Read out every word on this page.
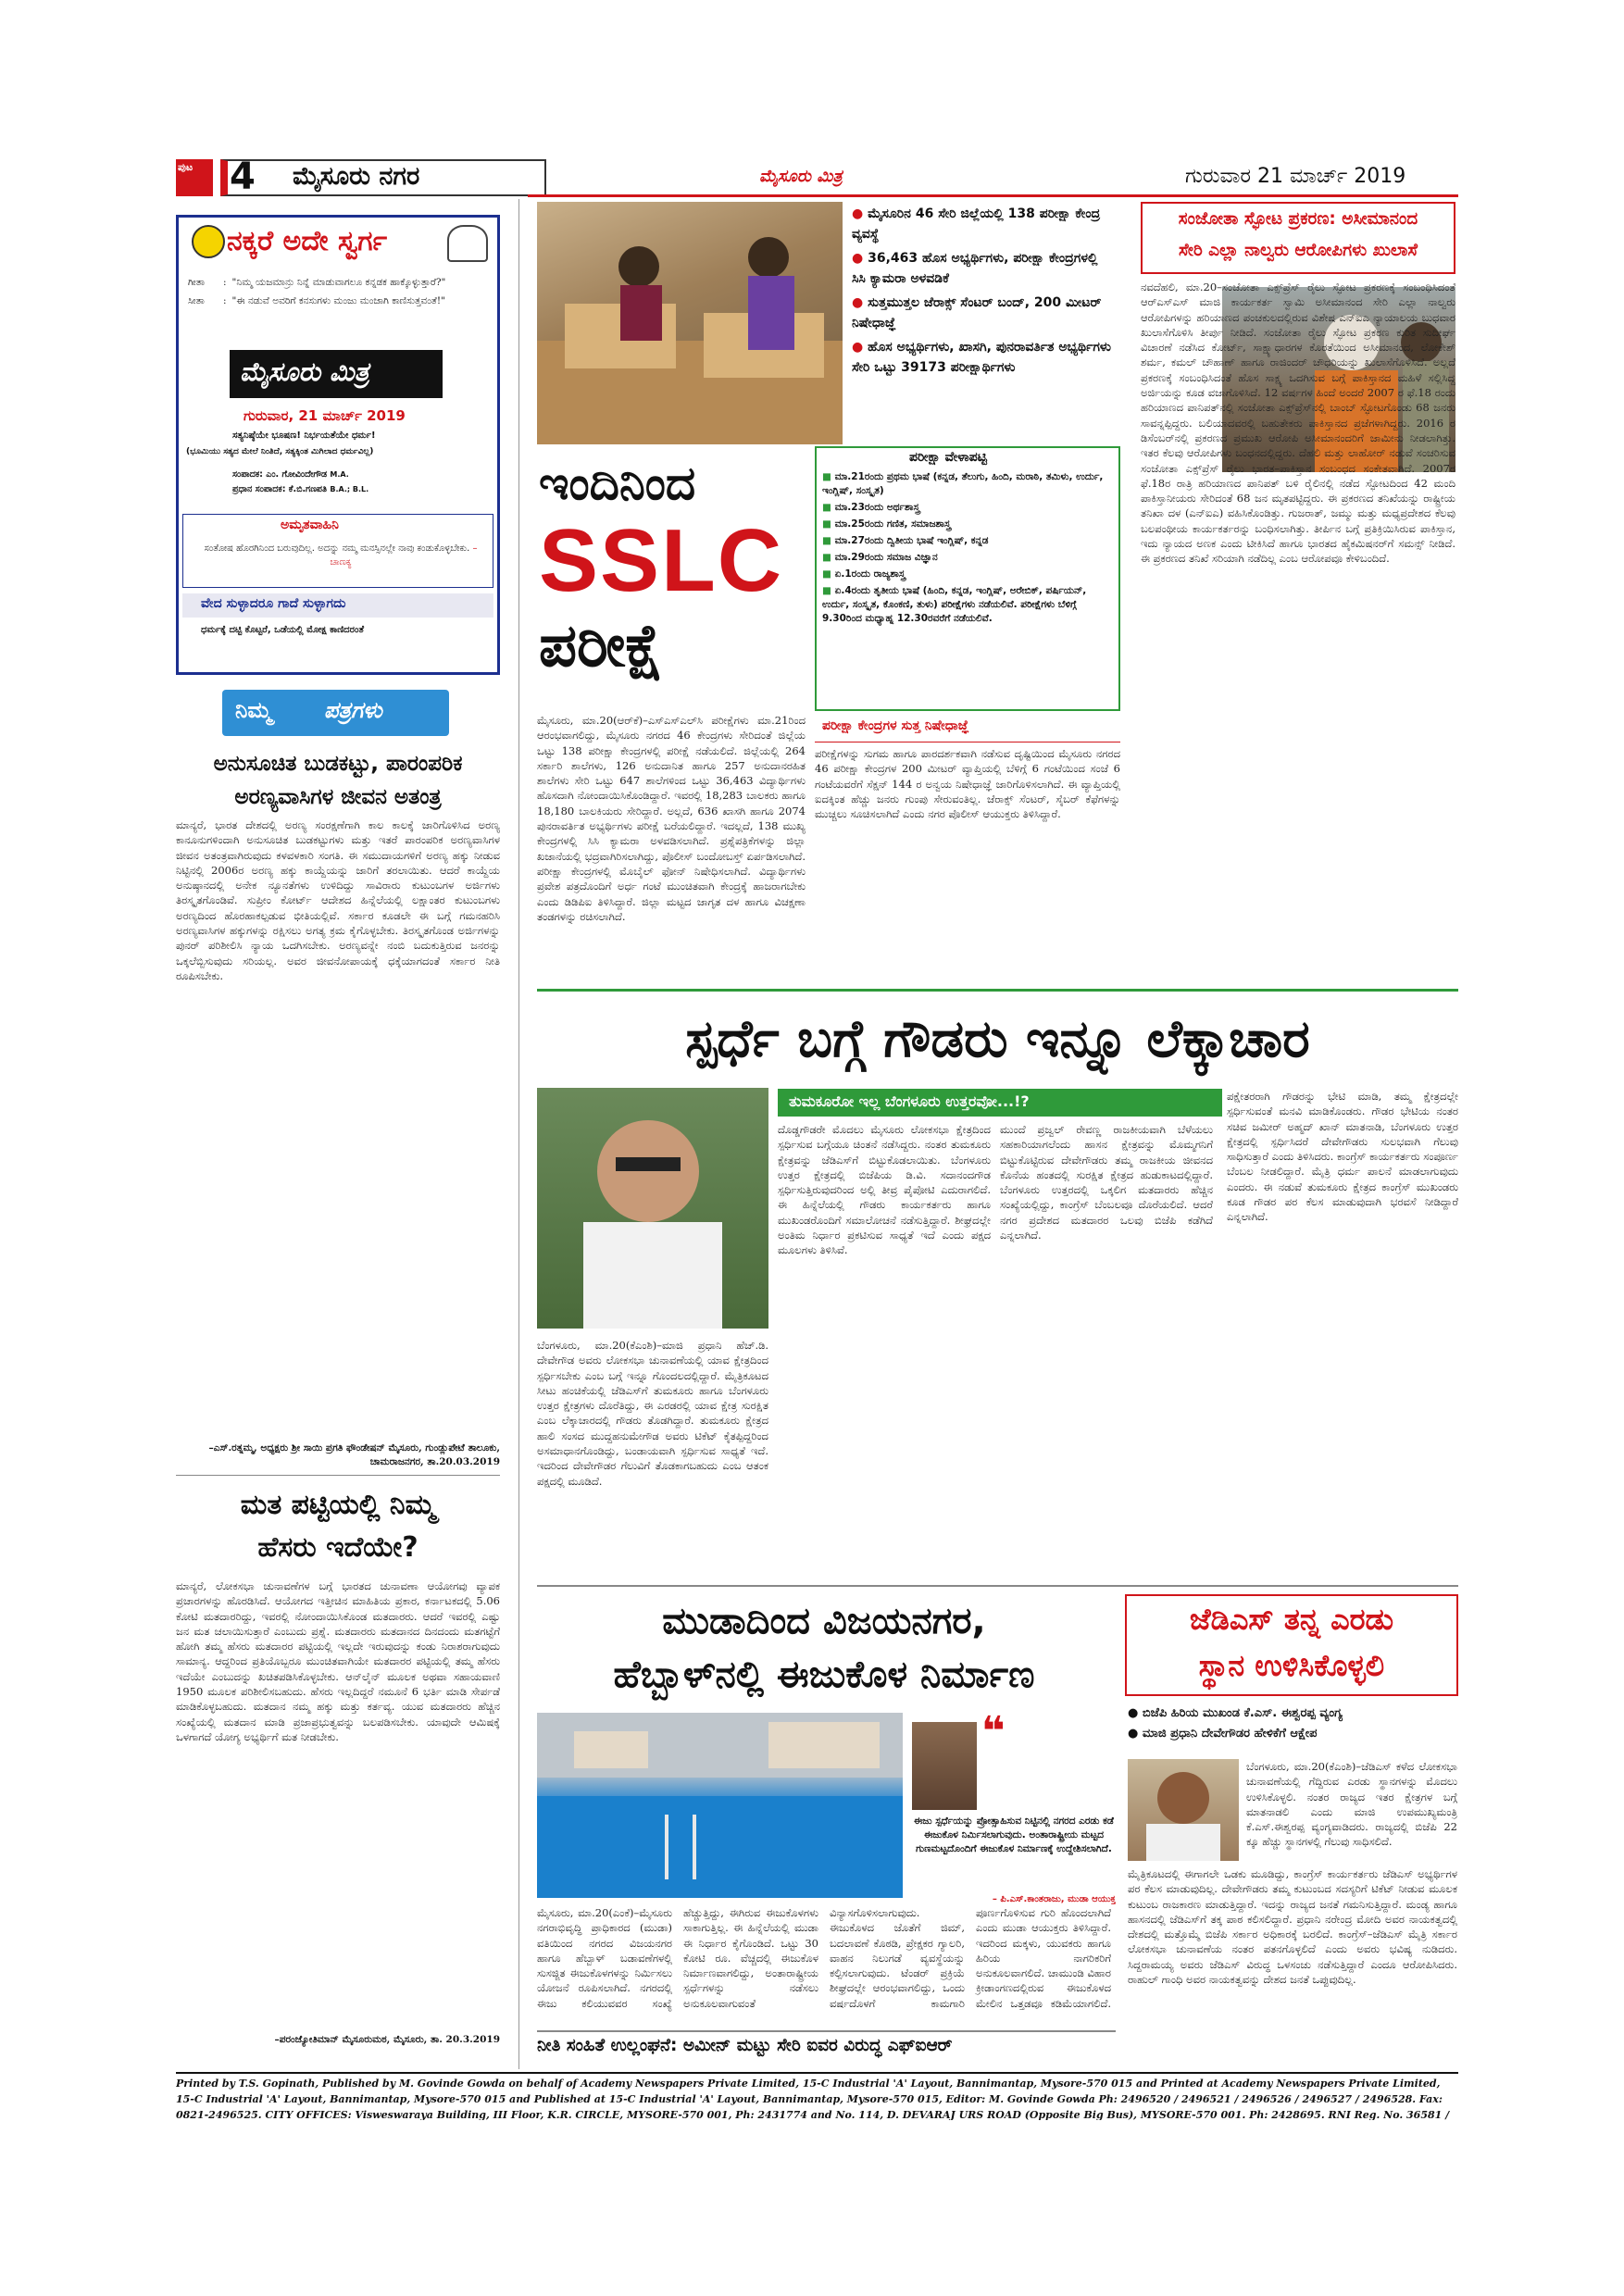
ಪುಟ 4 ಮೈಸೂರು ನಗರ	ಮೈಸೂರು ಮಿತ್ರ	ಗುರುವಾರ 21 ಮಾರ್ಚ್ 2019
ನಕ್ಕರೆ ಅದೇ ಸ್ವರ್ಗ
ಗೀತಾ	: "ನಿಮ್ಮ ಯಜಮಾನ್ರು ನಿನ್ನೆ ಮಾಡುವಾಗಲೂ ಕನ್ನಡಕ ಹಾಕ್ಕೊಳ್ಳುತ್ತಾರೆ?"
ಸೀತಾ	: "ಈ ನಡುವೆ ಅವರಿಗೆ ಕನಸುಗಳು ಮಂಜು ಮಂಜಾಗಿ ಕಾಣಿಸುತ್ತವಂತೆ!"
ಮೈಸೂರು ಮಿತ್ರ
ಗುರುವಾರ, 21 ಮಾರ್ಚ್ 2019
ಸತ್ಯನಿಷ್ಠೆಯೇ ಭೂಷಣ! ನಿರ್ಭಯತೆಯೇ ಧರ್ಮ!
(ಭೂಮಿಯು ಸತ್ಯದ ಮೇಲೆ ನಿಂತಿದೆ, ಸತ್ಯಕ್ಕಿಂತ ಮಿಗಿಲಾದ ಧರ್ಮವಿಲ್ಲ)
ಸಂಪಾದಕ: ಎಂ. ಗೋವಿಂದೇಗೌಡ M.A.
ಪ್ರಧಾನ ಸಂಪಾದಕ: ಕೆ.ಬಿ.ಗಣಪತಿ B.A.; B.L.
ಅಮೃತವಾಹಿನಿ
ಸಂತೋಷ ಹೊರಗಿನಿಂದ ಬರುವುದಿಲ್ಲ. ಅದನ್ನು ನಮ್ಮ ಮನಸ್ಸಿನಲ್ಲೇ ನಾವು ಕಂಡುಕೊಳ್ಳಬೇಕು. –ಚಾಣಕ್ಯ
ವೇದ ಸುಳ್ಳಾದರೂ ಗಾದೆ ಸುಳ್ಳಾಗದು
ಧರ್ಮಕ್ಕೆ ದಟ್ಟಿ ಕೊಟ್ಟರೆ, ಒಡೆಯಲ್ಲಿ ಮೋಕ್ಷ ಕಾಣಿದರಂತೆ
ನಿಮ್ಮ ಪತ್ರಗಳು
ಅನುಸೂಚಿತ ಬುಡಕಟ್ಟು, ಪಾರಂಪರಿಕ
ಅರಣ್ಯವಾಸಿಗಳ ಜೀವನ ಅತಂತ್ರ
ಮಾನ್ಯರೆ, ಭಾರತ ದೇಶದಲ್ಲಿ ಅರಣ್ಯ ಸಂರಕ್ಷಣೆಗಾಗಿ ಕಾಲ ಕಾಲಕ್ಕೆ ಜಾರಿಗೊಳಿಸಿದ ಅರಣ್ಯ ಕಾನೂನುಗಳಿಂದಾಗಿ ಅನುಸೂಚಿತ ಬುಡಕಟ್ಟುಗಳು ಮತ್ತು ಇತರೆ ಪಾರಂಪರಿಕ ಅರಣ್ಯವಾಸಿಗಳ ಜೀವನ ಅತಂತ್ರವಾಗಿರುವುದು ಕಳವಳಕಾರಿ ಸಂಗತಿ. ಈ ಸಮುದಾಯಗಳಿಗೆ ಅರಣ್ಯ ಹಕ್ಕು ನೀಡುವ ನಿಟ್ಟಿನಲ್ಲಿ 2006ರ ಅರಣ್ಯ ಹಕ್ಕು ಕಾಯ್ದೆಯನ್ನು ಜಾರಿಗೆ ತರಲಾಯಿತು. ಆದರೆ ಕಾಯ್ದೆಯ ಅನುಷ್ಠಾನದಲ್ಲಿ ಅನೇಕ ನ್ಯೂನತೆಗಳು ಉಳಿದಿದ್ದು ಸಾವಿರಾರು ಕುಟುಂಬಗಳ ಅರ್ಜಿಗಳು ತಿರಸ್ಕೃತಗೊಂಡಿವೆ. ಸುಪ್ರೀಂ ಕೋರ್ಟ್ ಆದೇಶದ ಹಿನ್ನೆಲೆಯಲ್ಲಿ ಲಕ್ಷಾಂತರ ಕುಟುಂಬಗಳು ಅರಣ್ಯದಿಂದ ಹೊರಹಾಕಲ್ಪಡುವ ಭೀತಿಯಲ್ಲಿವೆ. ಸರ್ಕಾರ ಕೂಡಲೇ ಈ ಬಗ್ಗೆ ಗಮನಹರಿಸಿ ಅರಣ್ಯವಾಸಿಗಳ ಹಕ್ಕುಗಳನ್ನು ರಕ್ಷಿಸಲು ಅಗತ್ಯ ಕ್ರಮ ಕೈಗೊಳ್ಳಬೇಕು. ತಿರಸ್ಕೃತಗೊಂಡ ಅರ್ಜಿಗಳನ್ನು ಪುನರ್ ಪರಿಶೀಲಿಸಿ ನ್ಯಾಯ ಒದಗಿಸಬೇಕು. ಅರಣ್ಯವನ್ನೇ ನಂಬಿ ಬದುಕುತ್ತಿರುವ ಜನರನ್ನು ಒಕ್ಕಲೆಬ್ಬಿಸುವುದು ಸರಿಯಲ್ಲ. ಅವರ ಜೀವನೋಪಾಯಕ್ಕೆ ಧಕ್ಕೆಯಾಗದಂತೆ ಸರ್ಕಾರ ನೀತಿ ರೂಪಿಸಬೇಕು.
–ಎಸ್.ರತ್ನಮ್ಮ, ಅಧ್ಯಕ್ಷರು ಶ್ರೀ ಸಾಯಿ ಪ್ರಗತಿ ಫೌಂಡೇಷನ್ ಮೈಸೂರು, ಗುಂಡ್ಲುಪೇಟೆ ತಾಲೂಕು, ಚಾಮರಾಜನಗರ, ತಾ.20.03.2019
ಮತ ಪಟ್ಟಿಯಲ್ಲಿ ನಿಮ್ಮ
ಹೆಸರು ಇದೆಯೇ?
ಮಾನ್ಯರೆ, ಲೋಕಸಭಾ ಚುನಾವಣೆಗಳ ಬಗ್ಗೆ ಭಾರತದ ಚುನಾವಣಾ ಆಯೋಗವು ವ್ಯಾಪಕ ಪ್ರಚಾರಗಳನ್ನು ಹೊರಡಿಸಿದೆ. ಆಯೋಗದ ಇತ್ತೀಚಿನ ಮಾಹಿತಿಯ ಪ್ರಕಾರ, ಕರ್ನಾಟಕದಲ್ಲಿ 5.06 ಕೋಟಿ ಮತದಾರರಿದ್ದು, ಇವರಲ್ಲಿ ನೋಂದಾಯಿಸಿಕೊಂಡ ಮತದಾರರು. ಆದರೆ ಇವರಲ್ಲಿ ಎಷ್ಟು ಜನ ಮತ ಚಲಾಯಿಸುತ್ತಾರೆ ಎಂಬುದು ಪ್ರಶ್ನೆ. ಮತದಾರರು ಮತದಾನದ ದಿನದಂದು ಮತಗಟ್ಟೆಗೆ ಹೋಗಿ ತಮ್ಮ ಹೆಸರು ಮತದಾರರ ಪಟ್ಟಿಯಲ್ಲಿ ಇಲ್ಲದೇ ಇರುವುದನ್ನು ಕಂಡು ನಿರಾಶರಾಗುವುದು ಸಾಮಾನ್ಯ. ಆದ್ದರಿಂದ ಪ್ರತಿಯೊಬ್ಬರೂ ಮುಂಚಿತವಾಗಿಯೇ ಮತದಾರರ ಪಟ್ಟಿಯಲ್ಲಿ ತಮ್ಮ ಹೆಸರು ಇದೆಯೇ ಎಂಬುದನ್ನು ಖಚಿತಪಡಿಸಿಕೊಳ್ಳಬೇಕು. ಆನ್‌ಲೈನ್ ಮೂಲಕ ಅಥವಾ ಸಹಾಯವಾಣಿ 1950 ಮೂಲಕ ಪರಿಶೀಲಿಸಬಹುದು. ಹೆಸರು ಇಲ್ಲದಿದ್ದರೆ ನಮೂನೆ 6 ಭರ್ತಿ ಮಾಡಿ ಸೇರ್ಪಡೆ ಮಾಡಿಕೊಳ್ಳಬಹುದು. ಮತದಾನ ನಮ್ಮ ಹಕ್ಕು ಮತ್ತು ಕರ್ತವ್ಯ. ಯುವ ಮತದಾರರು ಹೆಚ್ಚಿನ ಸಂಖ್ಯೆಯಲ್ಲಿ ಮತದಾನ ಮಾಡಿ ಪ್ರಜಾಪ್ರಭುತ್ವವನ್ನು ಬಲಪಡಿಸಬೇಕು. ಯಾವುದೇ ಆಮಿಷಕ್ಕೆ ಒಳಗಾಗದೆ ಯೋಗ್ಯ ಅಭ್ಯರ್ಥಿಗೆ ಮತ ನೀಡಬೇಕು.
–ಪರಂಜ್ಯೋತಿಮಾನ್ ಮೈಸೂರುಮಠ, ಮೈಸೂರು, ತಾ. 20.3.2019
● ಮೈಸೂರಿನ 46 ಸೇರಿ ಜಿಲ್ಲೆಯಲ್ಲಿ 138 ಪರೀಕ್ಷಾ ಕೇಂದ್ರ ವ್ಯವಸ್ಥೆ
● 36,463 ಹೊಸ ಅಭ್ಯರ್ಥಿಗಳು, ಪರೀಕ್ಷಾ ಕೇಂದ್ರಗಳಲ್ಲಿ ಸಿಸಿ ಕ್ಯಾಮರಾ ಅಳವಡಿಕೆ
● ಸುತ್ತಮುತ್ತಲ ಜೆರಾಕ್ಸ್ ಸೆಂಟರ್ ಬಂದ್, 200 ಮೀಟರ್ ನಿಷೇಧಾಜ್ಞೆ
● ಹೊಸ ಅಭ್ಯರ್ಥಿಗಳು, ಖಾಸಗಿ, ಪುನರಾವರ್ತಿತ ಅಭ್ಯರ್ಥಿಗಳು ಸೇರಿ ಒಟ್ಟು 39173 ಪರೀಕ್ಷಾರ್ಥಿಗಳು
ಇಂದಿನಿಂದ
SSLC
ಪರೀಕ್ಷೆ
ಪರೀಕ್ಷಾ ವೇಳಾಪಟ್ಟಿ
■ ಮಾ.21ರಂದು ಪ್ರಥಮ ಭಾಷೆ (ಕನ್ನಡ, ತೆಲುಗು, ಹಿಂದಿ, ಮರಾಠಿ, ತಮಿಳು, ಉರ್ದು, ಇಂಗ್ಲಿಷ್, ಸಂಸ್ಕೃತ)
■ ಮಾ.23ರಂದು ಅರ್ಥಶಾಸ್ತ್ರ
■ ಮಾ.25ರಂದು ಗಣಿತ, ಸಮಾಜಶಾಸ್ತ್ರ
■ ಮಾ.27ರಂದು ದ್ವಿತೀಯ ಭಾಷೆ ಇಂಗ್ಲಿಷ್, ಕನ್ನಡ
■ ಮಾ.29ರಂದು ಸಮಾಜ ವಿಜ್ಞಾನ
■ ಏ.1ರಂದು ರಾಜ್ಯಶಾಸ್ತ್ರ
■ ಏ.4ರಂದು ತೃತೀಯ ಭಾಷೆ (ಹಿಂದಿ, ಕನ್ನಡ, ಇಂಗ್ಲಿಷ್, ಅರೇಬಿಕ್, ಪರ್ಷಿಯನ್, ಉರ್ದು, ಸಂಸ್ಕೃತ, ಕೊಂಕಣಿ, ತುಳು) ಪರೀಕ್ಷೆಗಳು ನಡೆಯಲಿವೆ. ಪರೀಕ್ಷೆಗಳು ಬೆಳಿಗ್ಗೆ 9.30ರಿಂದ ಮಧ್ಯಾಹ್ನ 12.30ರವರೆಗೆ ನಡೆಯಲಿವೆ.
ಪರೀಕ್ಷಾ ಕೇಂದ್ರಗಳ ಸುತ್ತ ನಿಷೇಧಾಜ್ಞೆ
ಪರೀಕ್ಷೆಗಳನ್ನು ಸುಗಮ ಹಾಗೂ ಪಾರದರ್ಶಕವಾಗಿ ನಡೆಸುವ ದೃಷ್ಟಿಯಿಂದ ಮೈಸೂರು ನಗರದ 46 ಪರೀಕ್ಷಾ ಕೇಂದ್ರಗಳ 200 ಮೀಟರ್ ವ್ಯಾಪ್ತಿಯಲ್ಲಿ ಬೆಳಿಗ್ಗೆ 6 ಗಂಟೆಯಿಂದ ಸಂಜೆ 6 ಗಂಟೆಯವರೆಗೆ ಸೆಕ್ಷನ್ 144 ರ ಅನ್ವಯ ನಿಷೇಧಾಜ್ಞೆ ಜಾರಿಗೊಳಿಸಲಾಗಿದೆ. ಈ ವ್ಯಾಪ್ತಿಯಲ್ಲಿ ಐದಕ್ಕಿಂತ ಹೆಚ್ಚು ಜನರು ಗುಂಪು ಸೇರುವಂತಿಲ್ಲ. ಜೆರಾಕ್ಸ್ ಸೆಂಟರ್, ಸೈಬರ್ ಕೆಫೆಗಳನ್ನು ಮುಚ್ಚಲು ಸೂಚಿಸಲಾಗಿದೆ ಎಂದು ನಗರ ಪೊಲೀಸ್ ಆಯುಕ್ತರು ತಿಳಿಸಿದ್ದಾರೆ.
ಮೈಸೂರು, ಮಾ.20(ಆರ್‌ಕೆ)–ಎಸ್‌ಎಸ್‌ಎಲ್‌ಸಿ ಪರೀಕ್ಷೆಗಳು ಮಾ.21ರಿಂದ ಆರಂಭವಾಗಲಿದ್ದು, ಮೈಸೂರು ನಗರದ 46 ಕೇಂದ್ರಗಳು ಸೇರಿದಂತೆ ಜಿಲ್ಲೆಯ ಒಟ್ಟು 138 ಪರೀಕ್ಷಾ ಕೇಂದ್ರಗಳಲ್ಲಿ ಪರೀಕ್ಷೆ ನಡೆಯಲಿದೆ. ಜಿಲ್ಲೆಯಲ್ಲಿ 264 ಸರ್ಕಾರಿ ಶಾಲೆಗಳು, 126 ಅನುದಾನಿತ ಹಾಗೂ 257 ಅನುದಾನರಹಿತ ಶಾಲೆಗಳು ಸೇರಿ ಒಟ್ಟು 647 ಶಾಲೆಗಳಿಂದ ಒಟ್ಟು 36,463 ವಿದ್ಯಾರ್ಥಿಗಳು ಹೊಸದಾಗಿ ನೋಂದಾಯಿಸಿಕೊಂಡಿದ್ದಾರೆ. ಇವರಲ್ಲಿ 18,283 ಬಾಲಕರು ಹಾಗೂ 18,180 ಬಾಲಕಿಯರು ಸೇರಿದ್ದಾರೆ. ಅಲ್ಲದೆ, 636 ಖಾಸಗಿ ಹಾಗೂ 2074 ಪುನರಾವರ್ತಿತ ಅಭ್ಯರ್ಥಿಗಳು ಪರೀಕ್ಷೆ ಬರೆಯಲಿದ್ದಾರೆ. ಇದಲ್ಲದೆ, 138 ಮುಖ್ಯ ಕೇಂದ್ರಗಳಲ್ಲಿ ಸಿಸಿ ಕ್ಯಾಮರಾ ಅಳವಡಿಸಲಾಗಿದೆ. ಪ್ರಶ್ನೆಪತ್ರಿಕೆಗಳನ್ನು ಜಿಲ್ಲಾ ಖಜಾನೆಯಲ್ಲಿ ಭದ್ರವಾಗಿರಿಸಲಾಗಿದ್ದು, ಪೊಲೀಸ್ ಬಂದೋಬಸ್ತ್ ಏರ್ಪಡಿಸಲಾಗಿದೆ. ಪರೀಕ್ಷಾ ಕೇಂದ್ರಗಳಲ್ಲಿ ಮೊಬೈಲ್ ಫೋನ್ ನಿಷೇಧಿಸಲಾಗಿದೆ. ವಿದ್ಯಾರ್ಥಿಗಳು ಪ್ರವೇಶ ಪತ್ರದೊಂದಿಗೆ ಅರ್ಧ ಗಂಟೆ ಮುಂಚಿತವಾಗಿ ಕೇಂದ್ರಕ್ಕೆ ಹಾಜರಾಗಬೇಕು ಎಂದು ಡಿಡಿಪಿಐ ತಿಳಿಸಿದ್ದಾರೆ. ಜಿಲ್ಲಾ ಮಟ್ಟದ ಜಾಗೃತ ದಳ ಹಾಗೂ ವಿಚಕ್ಷಣಾ ತಂಡಗಳನ್ನು ರಚಿಸಲಾಗಿದೆ.
ಸಂಜೋತಾ ಸ್ಫೋಟ ಪ್ರಕರಣ: ಅಸೀಮಾನಂದ
ಸೇರಿ ಎಲ್ಲಾ ನಾಲ್ವರು ಆರೋಪಿಗಳು ಖುಲಾಸೆ
ನವದೆಹಲಿ, ಮಾ.20–ಸಂಜೋತಾ ಎಕ್ಸ್‌ಪ್ರೆಸ್ ರೈಲು ಸ್ಫೋಟ ಪ್ರಕರಣಕ್ಕೆ ಸಂಬಂಧಿಸಿದಂತೆ ಆರ್‌ಎಸ್‌ಎಸ್ ಮಾಜಿ ಕಾರ್ಯಕರ್ತ ಸ್ವಾಮಿ ಅಸೀಮಾನಂದ ಸೇರಿ ಎಲ್ಲಾ ನಾಲ್ವರು ಆರೋಪಿಗಳನ್ನು ಹರಿಯಾಣದ ಪಂಚಕುಲದಲ್ಲಿರುವ ವಿಶೇಷ ಎನ್‌ಐಎ ನ್ಯಾಯಾಲಯ ಬುಧವಾರ ಖುಲಾಸೆಗೊಳಿಸಿ ತೀರ್ಪು ನೀಡಿದೆ. ಸಂಜೋತಾ ರೈಲು ಸ್ಫೋಟ ಪ್ರಕರಣ ಕುರಿತ ಸುದೀರ್ಘ ವಿಚಾರಣೆ ನಡೆಸಿದ ಕೋರ್ಟ್, ಸಾಕ್ಷ್ಯಾಧಾರಗಳ ಕೊರತೆಯಿಂದ ಅಸೀಮಾನಂದ, ಲೋಕೇಶ್ ಶರ್ಮ, ಕಮಲ್ ಚೌಹಾಣ್ ಹಾಗೂ ರಾಜಿಂದರ್ ಚೌಧರಿಯನ್ನು ಖುಲಾಸೆಗೊಳಿಸಿದೆ. ಅಲ್ಲದೆ ಪ್ರಕರಣಕ್ಕೆ ಸಂಬಂಧಿಸಿದಂತೆ ಹೊಸ ಸಾಕ್ಷ್ಯ ಒದಗಿಸುವ ಬಗ್ಗೆ ಪಾಕಿಸ್ತಾನದ ಮಹಿಳೆ ಸಲ್ಲಿಸಿದ್ದ ಅರ್ಜಿಯನ್ನು ಕೂಡ ವಜಾಗೊಳಿಸಿದೆ. 12 ವರ್ಷಗಳ ಹಿಂದೆ ಅಂದರೆ 2007 ರ ಫೆ.18 ರಂದು ಹರಿಯಾಣದ ಪಾನಿಪತ್‌ನಲ್ಲಿ ಸಂಜೋತಾ ಎಕ್ಸ್‌ಪ್ರೆಸ್‌ನಲ್ಲಿ ಬಾಂಬ್ ಸ್ಫೋಟಗೊಂಡು 68 ಜನರು ಸಾವನ್ನಪ್ಪಿದ್ದರು. ಬಲಿಯಾದವರಲ್ಲಿ ಬಹುತೇಕರು ಪಾಕಿಸ್ತಾನದ ಪ್ರಜೆಗಳಾಗಿದ್ದರು. 2016 ರ ಡಿಸೆಂಬರ್‌ನಲ್ಲಿ ಪ್ರಕರಣದ ಪ್ರಮುಖ ಆರೋಪಿ ಅಸೀಮಾನಂದರಿಗೆ ಜಾಮೀನು ನೀಡಲಾಗಿತ್ತು. ಇತರ ಕೆಲವು ಆರೋಪಿಗಳು ಬಂಧನದಲ್ಲಿದ್ದರು. ದೆಹಲಿ ಮತ್ತು ಲಾಹೋರ್ ನಡುವೆ ಸಂಚರಿಸುವ ಸಂಜೋತಾ ಎಕ್ಸ್‌ಪ್ರೆಸ್ ರೈಲು ಭಾರತ–ಪಾಕಿಸ್ತಾನ ಸಂಬಂಧದ ಸಂಕೇತವಾಗಿದೆ. 2007ರ ಫೆ.18ರ ರಾತ್ರಿ ಹರಿಯಾಣದ ಪಾನಿಪತ್ ಬಳಿ ರೈಲಿನಲ್ಲಿ ನಡೆದ ಸ್ಫೋಟದಿಂದ 42 ಮಂದಿ ಪಾಕಿಸ್ತಾನೀಯರು ಸೇರಿದಂತೆ 68 ಜನ ಮೃತಪಟ್ಟಿದ್ದರು. ಈ ಪ್ರಕರಣದ ತನಿಖೆಯನ್ನು ರಾಷ್ಟ್ರೀಯ ತನಿಖಾ ದಳ (ಎನ್‌ಐಎ) ವಹಿಸಿಕೊಂಡಿತ್ತು. ಗುಜರಾತ್, ಜಮ್ಮು ಮತ್ತು ಮಧ್ಯಪ್ರದೇಶದ ಕೆಲವು ಬಲಪಂಥೀಯ ಕಾರ್ಯಕರ್ತರನ್ನು ಬಂಧಿಸಲಾಗಿತ್ತು. ತೀರ್ಪಿನ ಬಗ್ಗೆ ಪ್ರತಿಕ್ರಿಯಿಸಿರುವ ಪಾಕಿಸ್ತಾನ, ಇದು ನ್ಯಾಯದ ಅಣಕ ಎಂದು ಟೀಕಿಸಿದೆ ಹಾಗೂ ಭಾರತದ ಹೈಕಮಿಷನರ್‌ಗೆ ಸಮನ್ಸ್ ನೀಡಿದೆ. ಈ ಪ್ರಕರಣದ ತನಿಖೆ ಸರಿಯಾಗಿ ನಡೆದಿಲ್ಲ ಎಂಬ ಆರೋಪವೂ ಕೇಳಿಬಂದಿದೆ.
ಸ್ಪರ್ಧೆ ಬಗ್ಗೆ ಗೌಡರು ಇನ್ನೂ ಲೆಕ್ಕಾಚಾರ
ತುಮಕೂರೋ ಇಲ್ಲ ಬೆಂಗಳೂರು ಉತ್ತರವೋ...!?
ಬೆಂಗಳೂರು, ಮಾ.20(ಕೆಎಂಶಿ)–ಮಾಜಿ ಪ್ರಧಾನಿ ಹೆಚ್.ಡಿ. ದೇವೇಗೌಡ ಅವರು ಲೋಕಸಭಾ ಚುನಾವಣೆಯಲ್ಲಿ ಯಾವ ಕ್ಷೇತ್ರದಿಂದ ಸ್ಪರ್ಧಿಸಬೇಕು ಎಂಬ ಬಗ್ಗೆ ಇನ್ನೂ ಗೊಂದಲದಲ್ಲಿದ್ದಾರೆ. ಮೈತ್ರಿಕೂಟದ ಸೀಟು ಹಂಚಿಕೆಯಲ್ಲಿ ಜೆಡಿಎಸ್‌ಗೆ ತುಮಕೂರು ಹಾಗೂ ಬೆಂಗಳೂರು ಉತ್ತರ ಕ್ಷೇತ್ರಗಳು ದೊರೆತಿದ್ದು, ಈ ಎರಡರಲ್ಲಿ ಯಾವ ಕ್ಷೇತ್ರ ಸುರಕ್ಷಿತ ಎಂಬ ಲೆಕ್ಕಾಚಾರದಲ್ಲಿ ಗೌಡರು ತೊಡಗಿದ್ದಾರೆ. ತುಮಕೂರು ಕ್ಷೇತ್ರದ ಹಾಲಿ ಸಂಸದ ಮುದ್ದಹನುಮೇಗೌಡ ಅವರು ಟಿಕೆಟ್ ಕೈತಪ್ಪಿದ್ದರಿಂದ ಅಸಮಾಧಾನಗೊಂಡಿದ್ದು, ಬಂಡಾಯವಾಗಿ ಸ್ಪರ್ಧಿಸುವ ಸಾಧ್ಯತೆ ಇದೆ. ಇದರಿಂದ ದೇವೇಗೌಡರ ಗೆಲುವಿಗೆ ತೊಡಕಾಗಬಹುದು ಎಂಬ ಆತಂಕ ಪಕ್ಷದಲ್ಲಿ ಮೂಡಿದೆ.
ದೊಡ್ಡಗೌಡರೇ ಮೊದಲು ಮೈಸೂರು ಲೋಕಸಭಾ ಕ್ಷೇತ್ರದಿಂದ ಸ್ಪರ್ಧಿಸುವ ಬಗ್ಗೆಯೂ ಚಿಂತನೆ ನಡೆಸಿದ್ದರು. ನಂತರ ತುಮಕೂರು ಕ್ಷೇತ್ರವನ್ನು ಜೆಡಿಎಸ್‌ಗೆ ಬಿಟ್ಟುಕೊಡಲಾಯಿತು. ಬೆಂಗಳೂರು ಉತ್ತರ ಕ್ಷೇತ್ರದಲ್ಲಿ ಬಿಜೆಪಿಯ ಡಿ.ವಿ. ಸದಾನಂದಗೌಡ ಸ್ಪರ್ಧಿಸುತ್ತಿರುವುದರಿಂದ ಅಲ್ಲಿ ತೀವ್ರ ಪೈಪೋಟಿ ಎದುರಾಗಲಿದೆ. ಈ ಹಿನ್ನೆಲೆಯಲ್ಲಿ ಗೌಡರು ಕಾರ್ಯಕರ್ತರು ಹಾಗೂ ಮುಖಂಡರೊಂದಿಗೆ ಸಮಾಲೋಚನೆ ನಡೆಸುತ್ತಿದ್ದಾರೆ. ಶೀಘ್ರದಲ್ಲೇ ಅಂತಿಮ ನಿರ್ಧಾರ ಪ್ರಕಟಿಸುವ ಸಾಧ್ಯತೆ ಇದೆ ಎಂದು ಪಕ್ಷದ ಮೂಲಗಳು ತಿಳಿಸಿವೆ.
ಮುಂದೆ ಪ್ರಜ್ವಲ್ ರೇವಣ್ಣ ರಾಜಕೀಯವಾಗಿ ಬೆಳೆಯಲು ಸಹಕಾರಿಯಾಗಲೆಂದು ಹಾಸನ ಕ್ಷೇತ್ರವನ್ನು ಮೊಮ್ಮಗನಿಗೆ ಬಿಟ್ಟುಕೊಟ್ಟಿರುವ ದೇವೇಗೌಡರು ತಮ್ಮ ರಾಜಕೀಯ ಜೀವನದ ಕೊನೆಯ ಹಂತದಲ್ಲಿ ಸುರಕ್ಷಿತ ಕ್ಷೇತ್ರದ ಹುಡುಕಾಟದಲ್ಲಿದ್ದಾರೆ. ಬೆಂಗಳೂರು ಉತ್ತರದಲ್ಲಿ ಒಕ್ಕಲಿಗ ಮತದಾರರು ಹೆಚ್ಚಿನ ಸಂಖ್ಯೆಯಲ್ಲಿದ್ದು, ಕಾಂಗ್ರೆಸ್ ಬೆಂಬಲವೂ ದೊರೆಯಲಿದೆ. ಆದರೆ ನಗರ ಪ್ರದೇಶದ ಮತದಾರರ ಒಲವು ಬಿಜೆಪಿ ಕಡೆಗಿದೆ ಎನ್ನಲಾಗಿದೆ.
ಪಕ್ಷೇತರರಾಗಿ ಗೌಡರನ್ನು ಭೇಟಿ ಮಾಡಿ, ತಮ್ಮ ಕ್ಷೇತ್ರದಲ್ಲೇ ಸ್ಪರ್ಧಿಸುವಂತೆ ಮನವಿ ಮಾಡಿಕೊಂಡರು. ಗೌಡರ ಭೇಟಿಯ ನಂತರ ಸಚಿವ ಜಮೀರ್ ಅಹ್ಮದ್ ಖಾನ್ ಮಾತನಾಡಿ, ಬೆಂಗಳೂರು ಉತ್ತರ ಕ್ಷೇತ್ರದಲ್ಲಿ ಸ್ಪರ್ಧಿಸಿದರೆ ದೇವೇಗೌಡರು ಸುಲಭವಾಗಿ ಗೆಲುವು ಸಾಧಿಸುತ್ತಾರೆ ಎಂದು ತಿಳಿಸಿದರು. ಕಾಂಗ್ರೆಸ್ ಕಾರ್ಯಕರ್ತರು ಸಂಪೂರ್ಣ ಬೆಂಬಲ ನೀಡಲಿದ್ದಾರೆ. ಮೈತ್ರಿ ಧರ್ಮ ಪಾಲನೆ ಮಾಡಲಾಗುವುದು ಎಂದರು. ಈ ನಡುವೆ ತುಮಕೂರು ಕ್ಷೇತ್ರದ ಕಾಂಗ್ರೆಸ್ ಮುಖಂಡರು ಕೂಡ ಗೌಡರ ಪರ ಕೆಲಸ ಮಾಡುವುದಾಗಿ ಭರವಸೆ ನೀಡಿದ್ದಾರೆ ಎನ್ನಲಾಗಿದೆ.
ಮುಡಾದಿಂದ ವಿಜಯನಗರ,
ಹೆಬ್ಬಾಳ್‌ನಲ್ಲಿ ಈಜುಕೊಳ ನಿರ್ಮಾಣ
❝
ಈಜು ಸ್ಪರ್ಧೆಯನ್ನು ಪ್ರೋತ್ಸಾಹಿಸುವ ನಿಟ್ಟಿನಲ್ಲಿ ನಗರದ ಎರಡು ಕಡೆ ಈಜುಕೊಳ ನಿರ್ಮಿಸಲಾಗುವುದು. ಅಂತಾರಾಷ್ಟ್ರೀಯ ಮಟ್ಟದ ಗುಣಮಟ್ಟದೊಂದಿಗೆ ಈಜುಕೊಳ ನಿರ್ಮಾಣಕ್ಕೆ ಉದ್ದೇಶಿಸಲಾಗಿದೆ.
– ಪಿ.ಎಸ್.ಕಾಂತರಾಜು, ಮುಡಾ ಆಯುಕ್ತ
ಮೈಸೂರು, ಮಾ.20(ಎಂಕೆ)–ಮೈಸೂರು ನಗರಾಭಿವೃದ್ಧಿ ಪ್ರಾಧಿಕಾರದ (ಮುಡಾ) ವತಿಯಿಂದ ನಗರದ ವಿಜಯನಗರ ಹಾಗೂ ಹೆಬ್ಬಾಳ್ ಬಡಾವಣೆಗಳಲ್ಲಿ ಸುಸಜ್ಜಿತ ಈಜುಕೊಳಗಳನ್ನು ನಿರ್ಮಿಸಲು ಯೋಜನೆ ರೂಪಿಸಲಾಗಿದೆ. ನಗರದಲ್ಲಿ ಈಜು ಕಲಿಯುವವರ ಸಂಖ್ಯೆ ಹೆಚ್ಚುತ್ತಿದ್ದು, ಈಗಿರುವ ಈಜುಕೊಳಗಳು ಸಾಕಾಗುತ್ತಿಲ್ಲ. ಈ ಹಿನ್ನೆಲೆಯಲ್ಲಿ ಮುಡಾ ಈ ನಿರ್ಧಾರ ಕೈಗೊಂಡಿದೆ. ಒಟ್ಟು 30 ಕೋಟಿ ರೂ. ವೆಚ್ಚದಲ್ಲಿ ಈಜುಕೊಳ ನಿರ್ಮಾಣವಾಗಲಿದ್ದು, ಅಂತಾರಾಷ್ಟ್ರೀಯ ಸ್ಪರ್ಧೆಗಳನ್ನು ನಡೆಸಲು ಅನುಕೂಲವಾಗುವಂತೆ ವಿನ್ಯಾಸಗೊಳಿಸಲಾಗುವುದು. ಈಜುಕೊಳದ ಜೊತೆಗೆ ಜಿಮ್, ಬದಲಾವಣೆ ಕೊಠಡಿ, ಪ್ರೇಕ್ಷಕರ ಗ್ಯಾಲರಿ, ವಾಹನ ನಿಲುಗಡೆ ವ್ಯವಸ್ಥೆಯನ್ನು ಕಲ್ಪಿಸಲಾಗುವುದು. ಟೆಂಡರ್ ಪ್ರಕ್ರಿಯೆ ಶೀಘ್ರದಲ್ಲೇ ಆರಂಭವಾಗಲಿದ್ದು, ಒಂದು ವರ್ಷದೊಳಗೆ ಕಾಮಗಾರಿ ಪೂರ್ಣಗೊಳಿಸುವ ಗುರಿ ಹೊಂದಲಾಗಿದೆ ಎಂದು ಮುಡಾ ಆಯುಕ್ತರು ತಿಳಿಸಿದ್ದಾರೆ. ಇದರಿಂದ ಮಕ್ಕಳು, ಯುವಕರು ಹಾಗೂ ಹಿರಿಯ ನಾಗರಿಕರಿಗೆ ಅನುಕೂಲವಾಗಲಿದೆ. ಚಾಮುಂಡಿ ವಿಹಾರ ಕ್ರೀಡಾಂಗಣದಲ್ಲಿರುವ ಈಜುಕೊಳದ ಮೇಲಿನ ಒತ್ತಡವೂ ಕಡಿಮೆಯಾಗಲಿದೆ.
ಜೆಡಿಎಸ್ ತನ್ನ ಎರಡು
ಸ್ಥಾನ ಉಳಿಸಿಕೊಳ್ಳಲಿ
● ಬಿಜೆಪಿ ಹಿರಿಯ ಮುಖಂಡ ಕೆ.ಎಸ್. ಈಶ್ವರಪ್ಪ ವ್ಯಂಗ್ಯ
● ಮಾಜಿ ಪ್ರಧಾನಿ ದೇವೇಗೌಡರ ಹೇಳಿಕೆಗೆ ಆಕ್ಷೇಪ
ಬೆಂಗಳೂರು, ಮಾ.20(ಕೆಎಂಶಿ)–ಜೆಡಿಎಸ್ ಕಳೆದ ಲೋಕಸಭಾ ಚುನಾವಣೆಯಲ್ಲಿ ಗೆದ್ದಿರುವ ಎರಡು ಸ್ಥಾನಗಳನ್ನು ಮೊದಲು ಉಳಿಸಿಕೊಳ್ಳಲಿ. ನಂತರ ರಾಜ್ಯದ ಇತರ ಕ್ಷೇತ್ರಗಳ ಬಗ್ಗೆ ಮಾತನಾಡಲಿ ಎಂದು ಮಾಜಿ ಉಪಮುಖ್ಯಮಂತ್ರಿ ಕೆ.ಎಸ್.ಈಶ್ವರಪ್ಪ ವ್ಯಂಗ್ಯವಾಡಿದರು. ರಾಜ್ಯದಲ್ಲಿ ಬಿಜೆಪಿ 22 ಕ್ಕೂ ಹೆಚ್ಚು ಸ್ಥಾನಗಳಲ್ಲಿ ಗೆಲುವು ಸಾಧಿಸಲಿದೆ.
ಮೈತ್ರಿಕೂಟದಲ್ಲಿ ಈಗಾಗಲೇ ಒಡಕು ಮೂಡಿದ್ದು, ಕಾಂಗ್ರೆಸ್ ಕಾರ್ಯಕರ್ತರು ಜೆಡಿಎಸ್ ಅಭ್ಯರ್ಥಿಗಳ ಪರ ಕೆಲಸ ಮಾಡುವುದಿಲ್ಲ. ದೇವೇಗೌಡರು ತಮ್ಮ ಕುಟುಂಬದ ಸದಸ್ಯರಿಗೆ ಟಿಕೆಟ್ ನೀಡುವ ಮೂಲಕ ಕುಟುಂಬ ರಾಜಕಾರಣ ಮಾಡುತ್ತಿದ್ದಾರೆ. ಇದನ್ನು ರಾಜ್ಯದ ಜನತೆ ಗಮನಿಸುತ್ತಿದ್ದಾರೆ. ಮಂಡ್ಯ ಹಾಗೂ ಹಾಸನದಲ್ಲಿ ಜೆಡಿಎಸ್‌ಗೆ ತಕ್ಕ ಪಾಠ ಕಲಿಸಲಿದ್ದಾರೆ. ಪ್ರಧಾನಿ ನರೇಂದ್ರ ಮೋದಿ ಅವರ ನಾಯಕತ್ವದಲ್ಲಿ ದೇಶದಲ್ಲಿ ಮತ್ತೊಮ್ಮೆ ಬಿಜೆಪಿ ಸರ್ಕಾರ ಅಧಿಕಾರಕ್ಕೆ ಬರಲಿದೆ. ಕಾಂಗ್ರೆಸ್–ಜೆಡಿಎಸ್ ಮೈತ್ರಿ ಸರ್ಕಾರ ಲೋಕಸಭಾ ಚುನಾವಣೆಯ ನಂತರ ಪತನಗೊಳ್ಳಲಿದೆ ಎಂದು ಅವರು ಭವಿಷ್ಯ ನುಡಿದರು. ಸಿದ್ದರಾಮಯ್ಯ ಅವರು ಜೆಡಿಎಸ್ ವಿರುದ್ಧ ಒಳಸಂಚು ನಡೆಸುತ್ತಿದ್ದಾರೆ ಎಂದೂ ಆರೋಪಿಸಿದರು. ರಾಹುಲ್ ಗಾಂಧಿ ಅವರ ನಾಯಕತ್ವವನ್ನು ದೇಶದ ಜನತೆ ಒಪ್ಪುವುದಿಲ್ಲ.
ನೀತಿ ಸಂಹಿತೆ ಉಲ್ಲಂಘನೆ: ಅಮೀನ್ ಮಟ್ಟು ಸೇರಿ ಐವರ ವಿರುದ್ಧ ಎಫ್‌ಐಆರ್
Printed by T.S. Gopinath, Published by M. Govinde Gowda on behalf of Academy Newspapers Private Limited, 15-C Industrial 'A' Layout, Bannimantap, Mysore-570 015 and Printed at Academy Newspapers Private Limited, 15-C Industrial 'A' Layout, Bannimantap, Mysore-570 015 and Published at 15-C Industrial 'A' Layout, Bannimantap, Mysore-570 015, Editor: M. Govinde Gowda Ph: 2496520 / 2496521 / 2496526 / 2496527 / 2496528. Fax: 0821-2496525. CITY OFFICES: Visweswaraya Building, III Floor, K.R. CIRCLE, MYSORE-570 001, Ph: 2431774 and No. 114, D. DEVARAJ URS ROAD (Opposite Big Bus), MYSORE-570 001. Ph: 2428695. RNI Reg. No. 36581 /
